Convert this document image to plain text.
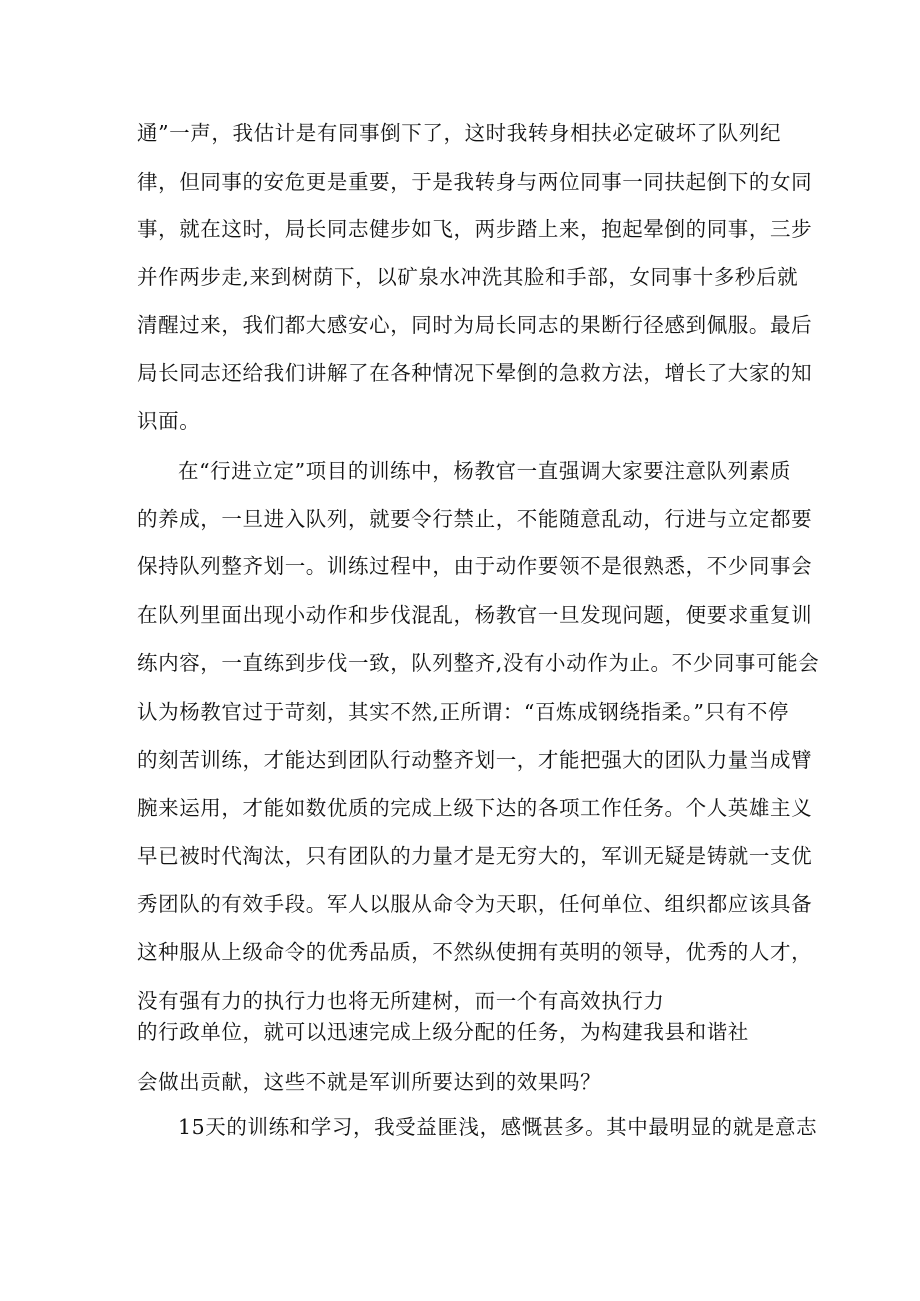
通”一声，我估计是有同事倒下了，这时我转身相扶必定破坏了队列纪
律，但同事的安危更是重要，于是我转身与两位同事一同扶起倒下的女同
事，就在这时，局长同志健步如飞，两步踏上来，抱起晕倒的同事，三步
并作两步走,来到树荫下，以矿泉水冲洗其脸和手部，女同事十多秒后就
清醒过来，我们都大感安心，同时为局长同志的果断行径感到佩服。最后
局长同志还给我们讲解了在各种情况下晕倒的急救方法，增长了大家的知
识面。
在“行进立定”项目的训练中，杨教官一直强调大家要注意队列素质
的养成，一旦进入队列，就要令行禁止，不能随意乱动，行进与立定都要
保持队列整齐划一。训练过程中，由于动作要领不是很熟悉，不少同事会
在队列里面出现小动作和步伐混乱，杨教官一旦发现问题，便要求重复训
练内容，一直练到步伐一致，队列整齐,没有小动作为止。不少同事可能会
认为杨教官过于苛刻，其实不然,正所谓：“百炼成钢绕指柔。”只有不停
的刻苦训练，才能达到团队行动整齐划一，才能把强大的团队力量当成臂
腕来运用，才能如数优质的完成上级下达的各项工作任务。个人英雄主义
早已被时代淘汰，只有团队的力量才是无穷大的，军训无疑是铸就一支优
秀团队的有效手段。军人以服从命令为天职，任何单位、组织都应该具备
这种服从上级命令的优秀品质，不然纵使拥有英明的领导，优秀的人才，
没有强有力的执行力也将无所建树，而一个有高效执行力
的行政单位，就可以迅速完成上级分配的任务，为构建我县和谐社
会做出贡献，这些不就是军训所要达到的效果吗？
15天的训练和学习，我受益匪浅，感慨甚多。其中最明显的就是意志
